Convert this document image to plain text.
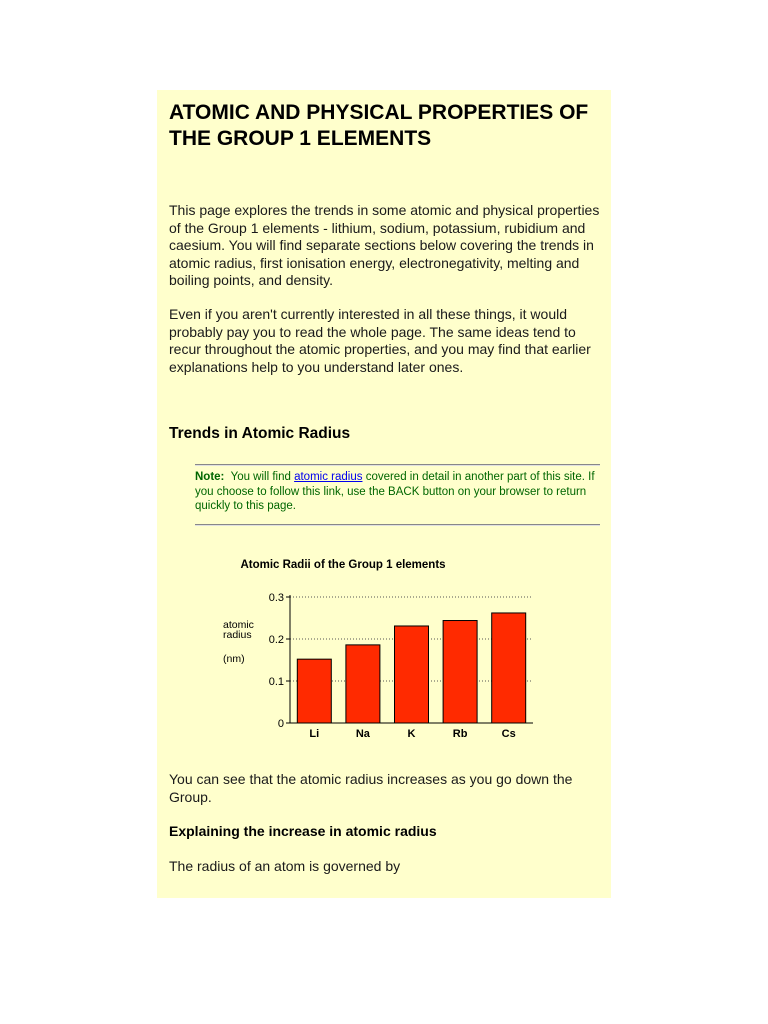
ATOMIC AND PHYSICAL PROPERTIES OF THE GROUP 1 ELEMENTS

This page explores the trends in some atomic and physical properties of the Group 1 elements - lithium, sodium, potassium, rubidium and caesium. You will find separate sections below covering the trends in atomic radius, first ionisation energy, electronegativity, melting and boiling points, and density.

Even if you aren't currently interested in all these things, it would probably pay you to read the whole page. The same ideas tend to recur throughout the atomic properties, and you may find that earlier explanations help to you understand later ones.

Trends in Atomic Radius

Note: You will find atomic radius covered in detail in another part of this site. If you choose to follow this link, use the BACK button on your browser to return quickly to this page.

Atomic Radii of the Group 1 elements
atomic
radius
(nm)
0
0.1
0.2
0.3
Li	Na	K	Rb	Cs

You can see that the atomic radius increases as you go down the Group.

Explaining the increase in atomic radius

The radius of an atom is governed by
